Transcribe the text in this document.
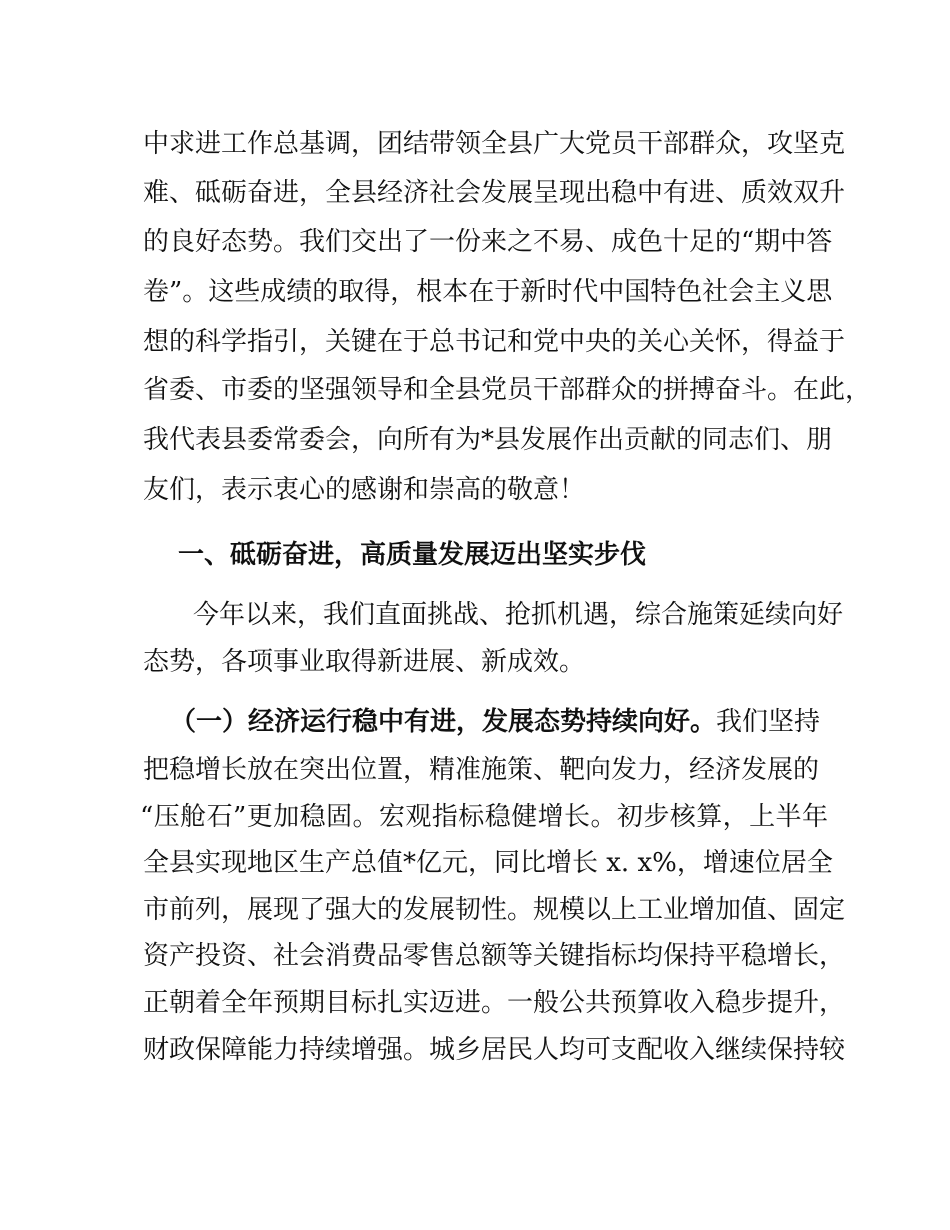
中求进工作总基调，团结带领全县广大党员干部群众，攻坚克
难、砥砺奋进，全县经济社会发展呈现出稳中有进、质效双升
的良好态势。我们交出了一份来之不易、成色十足的“期中答
卷”。这些成绩的取得，根本在于新时代中国特色社会主义思
想的科学指引，关键在于总书记和党中央的关心关怀，得益于
省委、市委的坚强领导和全县党员干部群众的拼搏奋斗。在此，
我代表县委常委会，向所有为*县发展作出贡献的同志们、朋
友们，表示衷心的感谢和崇高的敬意！
一、砥砺奋进，高质量发展迈出坚实步伐
今年以来，我们直面挑战、抢抓机遇，综合施策延续向好
态势，各项事业取得新进展、新成效。
（一）经济运行稳中有进，发展态势持续向好。我们坚持
把稳增长放在突出位置，精准施策、靶向发力，经济发展的
“压舱石”更加稳固。宏观指标稳健增长。初步核算，上半年
全县实现地区生产总值*亿元，同比增长 x. x%，增速位居全
市前列，展现了强大的发展韧性。规模以上工业增加值、固定
资产投资、社会消费品零售总额等关键指标均保持平稳增长，
正朝着全年预期目标扎实迈进。一般公共预算收入稳步提升，
财政保障能力持续增强。城乡居民人均可支配收入继续保持较
